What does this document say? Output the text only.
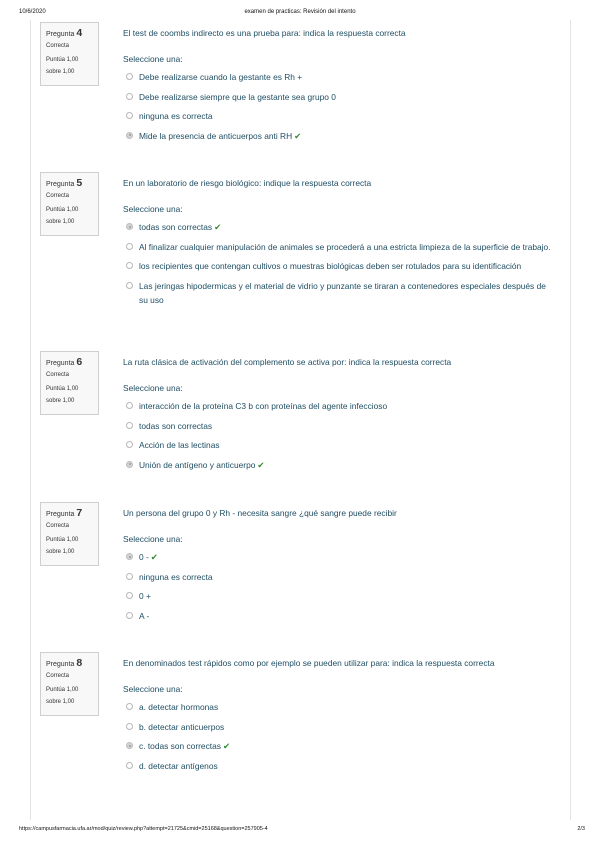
10/6/2020	examen de practicas: Revisión del intento
Pregunta 4
Correcta
Puntúa 1,00
sobre 1,00
El test de coombs indirecto es una prueba para: indica la respuesta correcta
Seleccione una:
Debe realizarse cuando la gestante es Rh +
Debe realizarse siempre que la gestante sea grupo 0
ninguna es correcta
Mide la presencia de anticuerpos anti RH ✔
Pregunta 5
Correcta
Puntúa 1,00
sobre 1,00
En un laboratorio de riesgo biológico: indique la respuesta correcta
Seleccione una:
todas son correctas ✔
Al finalizar cualquier manipulación de animales se procederá a una estricta limpieza de la superficie de trabajo.
los recipientes que contengan cultivos o muestras biológicas deben ser rotulados para su identificación
Las jeringas hipodermicas y el material de vidrio y punzante se tiraran a contenedores especiales después de su uso
Pregunta 6
Correcta
Puntúa 1,00
sobre 1,00
La ruta clásica de activación del complemento se activa por: indica la respuesta correcta
Seleccione una:
interacción de la proteína C3 b con proteínas del agente infeccioso
todas son correctas
Acción de las lectinas
Unión de antígeno y anticuerpo ✔
Pregunta 7
Correcta
Puntúa 1,00
sobre 1,00
Un persona del grupo 0 y Rh - necesita sangre ¿qué sangre puede recibir
Seleccione una:
0 - ✔
ninguna es correcta
0 +
A -
Pregunta 8
Correcta
Puntúa 1,00
sobre 1,00
En denominados test rápidos como por ejemplo se pueden utilizar para: indica la respuesta correcta
Seleccione una:
a. detectar hormonas
b. detectar anticuerpos
c. todas son correctas ✔
d. detectar antígenos
https://campusfarmacia.ufa.ar/mod/quiz/review.php?attempt=21725&cmid=25168&question=257905-4	2/3
